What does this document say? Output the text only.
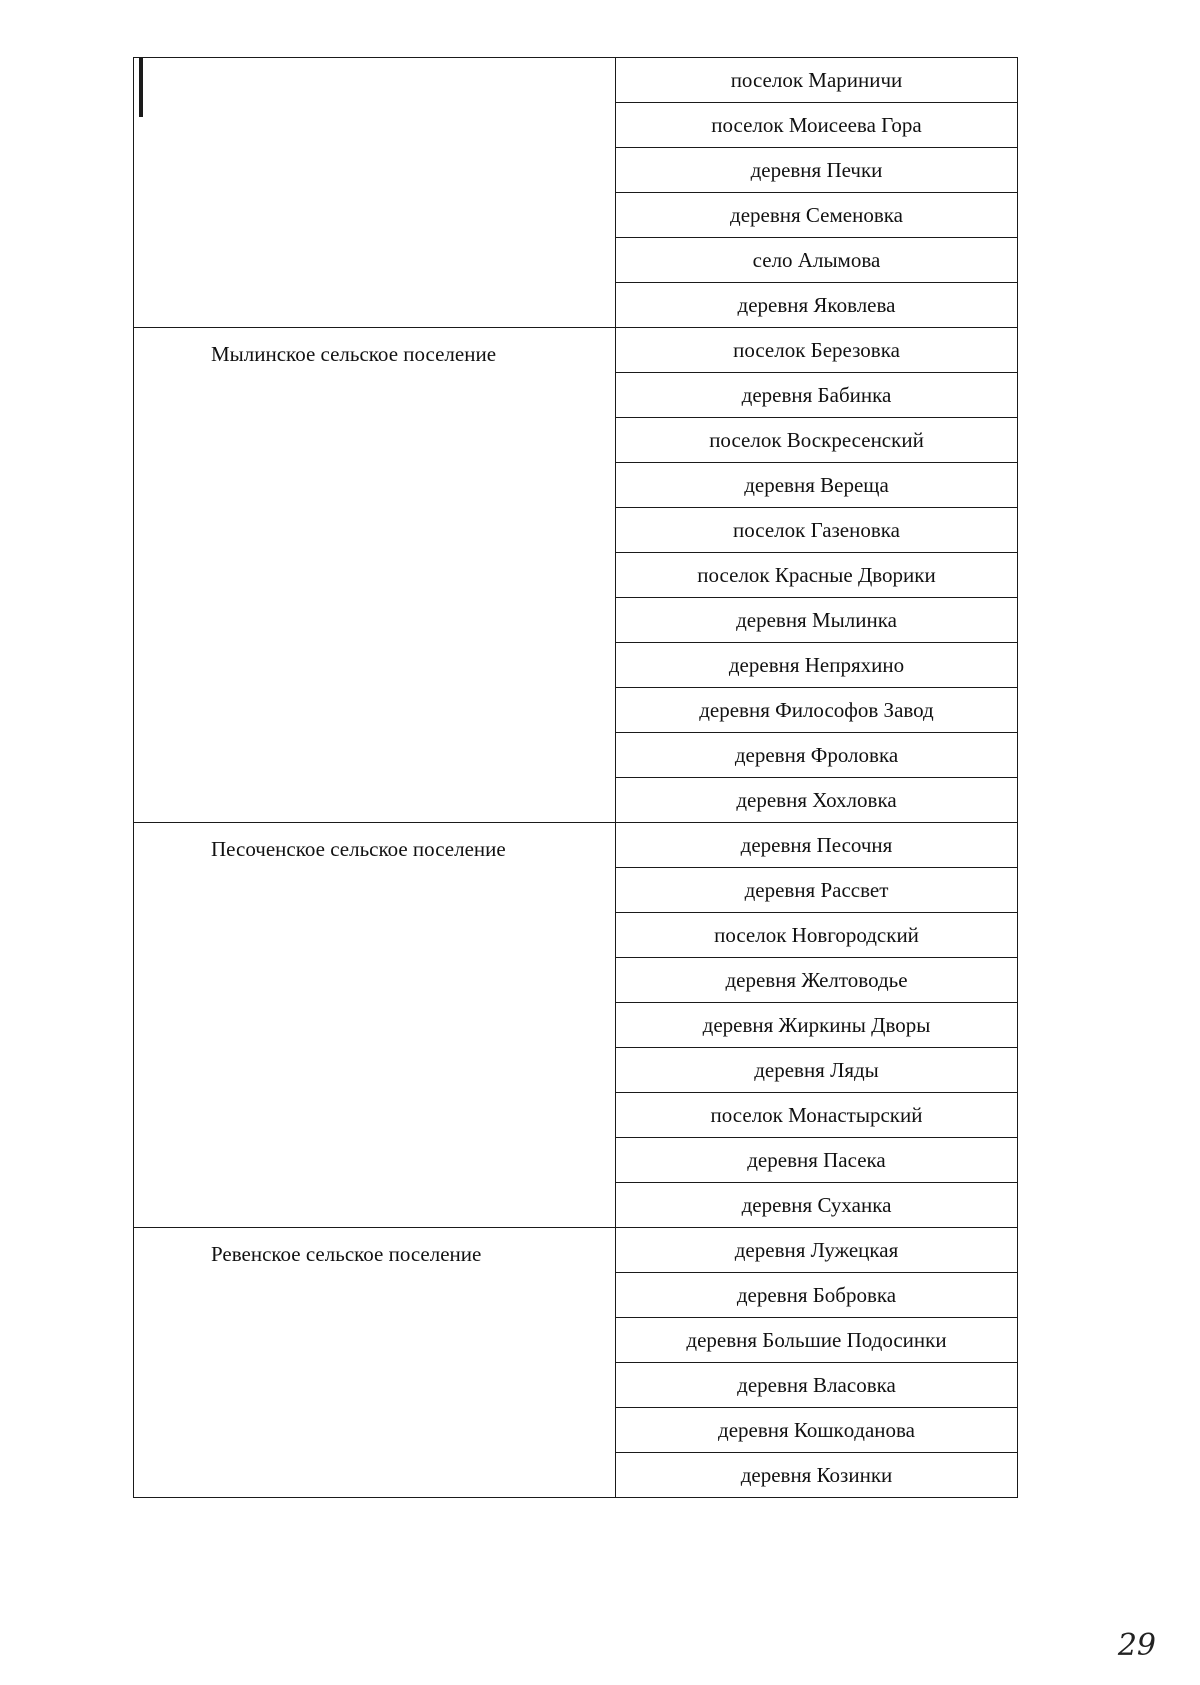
	поселок Мариничи
	поселок Моисеева Гора
	деревня Печки
	деревня Семеновка
	село Алымова
	деревня Яковлева

Мылинское сельское поселение	поселок Березовка
	деревня Бабинка
	поселок Воскресенский
	деревня Верещa
	поселок Газеновка
	поселок Красные Дворики
	деревня Мылинка
	деревня Непряхино
	деревня Философов Завод
	деревня Фроловка
	деревня Хохловка

Песоченское сельское поселение	деревня Песочня
	деревня Рассвет
	поселок Новгородский
	деревня Желтоводье
	деревня Жиркины Дворы
	деревня Ляды
	поселок Монастырский
	деревня Пасека
	деревня Суханка

Ревенское сельское поселение	деревня Лужецкая
	деревня Бобровка
	деревня Большие Подосинки
	деревня Власовка
	деревня Кошкoданова
	деревня Козинки
29
